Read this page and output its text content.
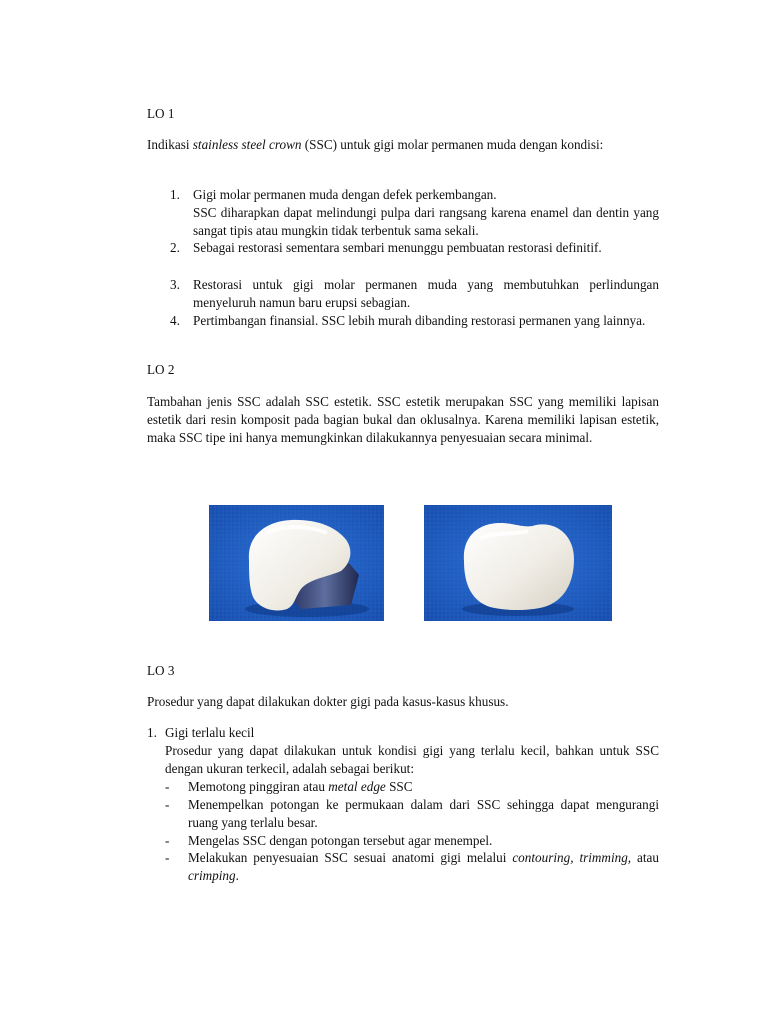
LO 1

Indikasi stainless steel crown (SSC) untuk gigi molar permanen muda dengan kondisi:

1. Gigi molar permanen muda dengan defek perkembangan.
SSC diharapkan dapat melindungi pulpa dari rangsang karena enamel dan dentin yang sangat tipis atau mungkin tidak terbentuk sama sekali.
2. Sebagai restorasi sementara sembari menunggu pembuatan restorasi definitif.
3. Restorasi untuk gigi molar permanen muda yang membutuhkan perlindungan menyeluruh namun baru erupsi sebagian.
4. Pertimbangan finansial. SSC lebih murah dibanding restorasi permanen yang lainnya.

LO 2

Tambahan jenis SSC adalah SSC estetik. SSC estetik merupakan SSC yang memiliki lapisan estetik dari resin komposit pada bagian bukal dan oklusalnya. Karena memiliki lapisan estetik, maka SSC tipe ini hanya memungkinkan dilakukannya penyesuaian secara minimal.

LO 3

Prosedur yang dapat dilakukan dokter gigi pada kasus-kasus khusus.

1. Gigi terlalu kecil

Prosedur yang dapat dilakukan untuk kondisi gigi yang terlalu kecil, bahkan untuk SSC dengan ukuran terkecil, adalah sebagai berikut:

- Memotong pinggiran atau metal edge SSC
- Menempelkan potongan ke permukaan dalam dari SSC sehingga dapat mengurangi ruang yang terlalu besar.
- Mengelas SSC dengan potongan tersebut agar menempel.
- Melakukan penyesuaian SSC sesuai anatomi gigi melalui contouring, trimming, atau crimping.
